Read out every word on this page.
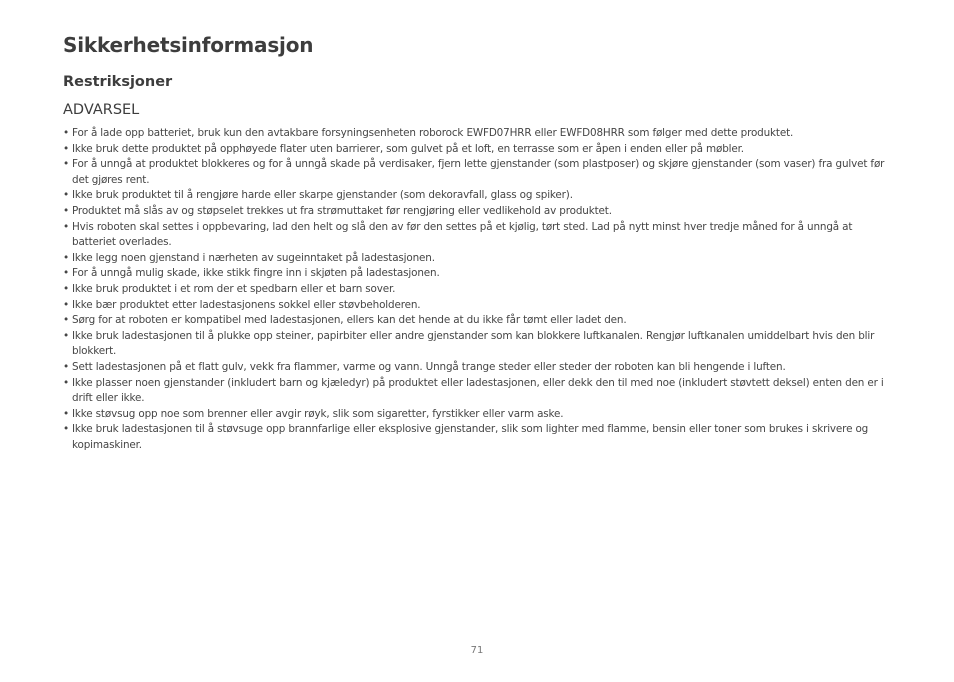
Sikkerhetsinformasjon
Restriksjoner
ADVARSEL
• For å lade opp batteriet, bruk kun den avtakbare forsyningsenheten roborock EWFD07HRR eller EWFD08HRR som følger med dette produktet.
• Ikke bruk dette produktet på opphøyede flater uten barrierer, som gulvet på et loft, en terrasse som er åpen i enden eller på møbler.
• For å unngå at produktet blokkeres og for å unngå skade på verdisaker, fjern lette gjenstander (som plastposer) og skjøre gjenstander (som vaser) fra gulvet før det gjøres rent.
• Ikke bruk produktet til å rengjøre harde eller skarpe gjenstander (som dekoravfall, glass og spiker).
• Produktet må slås av og støpselet trekkes ut fra strømuttaket før rengjøring eller vedlikehold av produktet.
• Hvis roboten skal settes i oppbevaring, lad den helt og slå den av før den settes på et kjølig, tørt sted. Lad på nytt minst hver tredje måned for å unngå at batteriet overlades.
• Ikke legg noen gjenstand i nærheten av sugeinntaket på ladestasjonen.
• For å unngå mulig skade, ikke stikk fingre inn i skjøten på ladestasjonen.
• Ikke bruk produktet i et rom der et spedbarn eller et barn sover.
• Ikke bær produktet etter ladestasjonens sokkel eller støvbeholderen.
• Sørg for at roboten er kompatibel med ladestasjonen, ellers kan det hende at du ikke får tømt eller ladet den.
• Ikke bruk ladestasjonen til å plukke opp steiner, papirbiter eller andre gjenstander som kan blokkere luftkanalen. Rengjør luftkanalen umiddelbart hvis den blir blokkert.
• Sett ladestasjonen på et flatt gulv, vekk fra flammer, varme og vann. Unngå trange steder eller steder der roboten kan bli hengende i luften.
• Ikke plasser noen gjenstander (inkludert barn og kjæledyr) på produktet eller ladestasjonen, eller dekk den til med noe (inkludert støvtett deksel) enten den er i drift eller ikke.
• Ikke støvsug opp noe som brenner eller avgir røyk, slik som sigaretter, fyrstikker eller varm aske.
• Ikke bruk ladestasjonen til å støvsuge opp brannfarlige eller eksplosive gjenstander, slik som lighter med flamme, bensin eller toner som brukes i skrivere og kopimaskiner.
71
